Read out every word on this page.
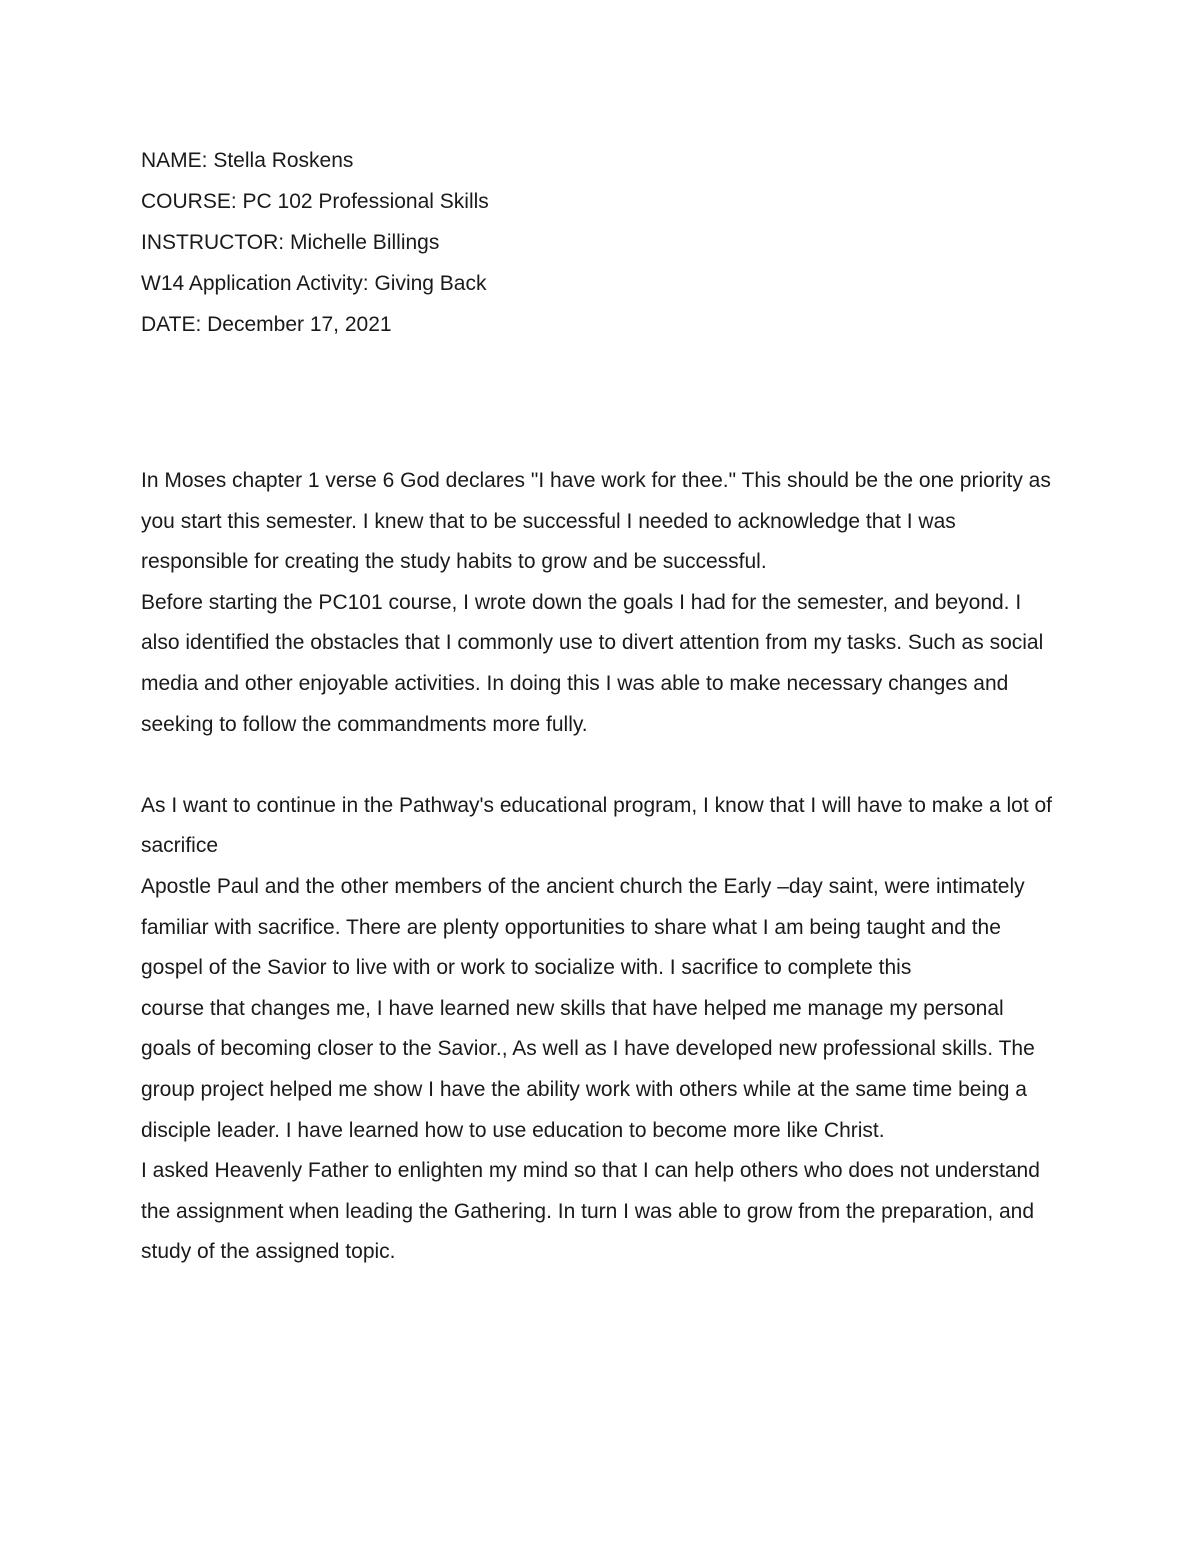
NAME: Stella Roskens
COURSE: PC 102 Professional Skills
INSTRUCTOR: Michelle Billings
W14 Application Activity: Giving Back
DATE: December 17, 2021
In Moses chapter 1 verse 6 God declares "I have work for thee." This should be the one priority as
you start this semester. I knew that to be successful I needed to acknowledge that I was
responsible for creating the study habits to grow and be successful.
Before starting the PC101 course, I wrote down the goals I had for the semester, and beyond. I
also identified the obstacles that I commonly use to divert attention from my tasks. Such as social
media and other enjoyable activities. In doing this I was able to make necessary changes and
seeking to follow the commandments more fully.
As I want to continue in the Pathway's educational program, I know that I will have to make a lot of
sacrifice
Apostle Paul and the other members of the ancient church the Early –day saint, were intimately
familiar with sacrifice. There are plenty opportunities to share what I am being taught and the
gospel of the Savior to live with or work to socialize with. I sacrifice to complete this
course that changes me, I have learned new skills that have helped me manage my personal
goals of becoming closer to the Savior., As well as I have developed new professional skills. The
group project helped me show I have the ability work with others while at the same time being a
disciple leader. I have learned how to use education to become more like Christ.
I asked Heavenly Father to enlighten my mind so that I can help others who does not understand
the assignment when leading the Gathering. In turn I was able to grow from the preparation, and
study of the assigned topic.
